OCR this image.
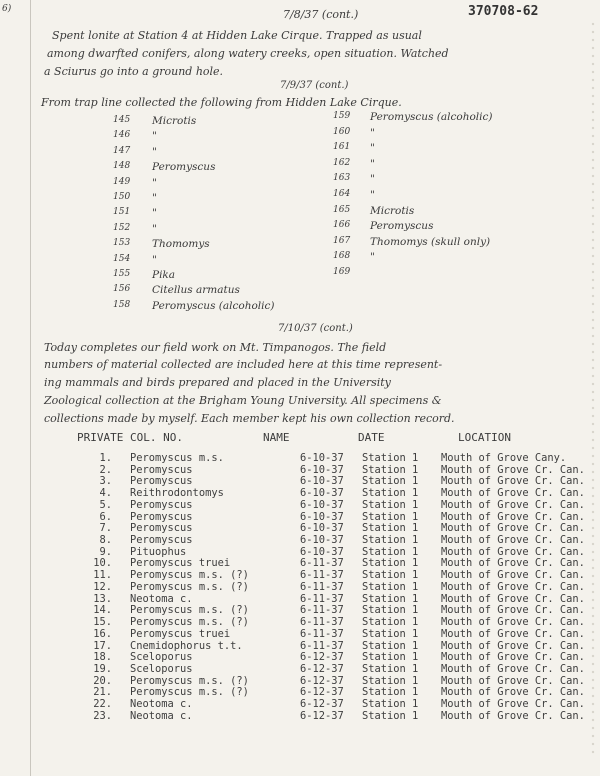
6)	370708-62
7/8/37 (cont.)
Spent lonite at Station 4 at Hidden Lake Cirque. Trapped as usual
among dwarfted conifers, along watery creeks, open situation. Watched
a Sciurus go into a ground hole.
7/9/37 (cont.)
From trap line collected the following from Hidden Lake Cirque.
145 Microtis
146 "
147 "
148 Peromyscus
149 "
150 "
151 "
152 "
153 Thomomys
154 "
155 Pika
156 Citellus armatus
158 Peromyscus (alcoholic)
159 Peromyscus (alcoholic)
160 "
161 "
162 "
163 "
164 "
165 Microtis
166 Peromyscus
167 Thomomys (skull only)
168 "
169
7/10/37 (cont.)
Today completes our field work on Mt. Timpanogos. The field
numbers of material collected are included here at this time represent-
ing mammals and birds prepared and placed in the University
Zoological collection at the Brigham Young University. All specimens &
collections made by myself. Each member kept his own collection record.
PRIVATE COL. NO.	NAME	DATE	LOCATION
1. Peromyscus m.s.	6-10-37 Station 1 Mouth of Grove Cany.
2. Peromyscus	6-10-37 Station 1 Mouth of Grove Cr. Can.
3. Peromyscus	6-10-37 Station 1 Mouth of Grove Cr. Can.
4. Reithrodontomys	6-10-37 Station 1 Mouth of Grove Cr. Can.
5. Peromyscus	6-10-37 Station 1 Mouth of Grove Cr. Can.
6. Peromyscus	6-10-37 Station 1 Mouth of Grove Cr. Can.
7. Peromyscus	6-10-37 Station 1 Mouth of Grove Cr. Can.
8. Peromyscus	6-10-37 Station 1 Mouth of Grove Cr. Can.
9. Pituophus	6-10-37 Station 1 Mouth of Grove Cr. Can.
10. Peromyscus truei	6-11-37 Station 1 Mouth of Grove Cr. Can.
11. Peromyscus m.s. (?)	6-11-37 Station 1 Mouth of Grove Cr. Can.
12. Peromyscus m.s. (?)	6-11-37 Station 1 Mouth of Grove Cr. Can.
13. Neotoma c.	6-11-37 Station 1 Mouth of Grove Cr. Can.
14. Peromyscus m.s. (?)	6-11-37 Station 1 Mouth of Grove Cr. Can.
15. Peromyscus m.s. (?)	6-11-37 Station 1 Mouth of Grove Cr. Can.
16. Peromyscus truei	6-11-37 Station 1 Mouth of Grove Cr. Can.
17. Cnemidophorus t.t.	6-11-37 Station 1 Mouth of Grove Cr. Can.
18. Sceloporus	6-12-37 Station 1 Mouth of Grove Cr. Can.
19. Sceloporus	6-12-37 Station 1 Mouth of Grove Cr. Can.
20. Peromyscus m.s. (?)	6-12-37 Station 1 Mouth of Grove Cr. Can.
21. Peromyscus m.s. (?)	6-12-37 Station 1 Mouth of Grove Cr. Can.
22. Neotoma c.	6-12-37 Station 1 Mouth of Grove Cr. Can.
23. Neotoma c.	6-12-37 Station 1 Mouth of Grove Cr. Can.
